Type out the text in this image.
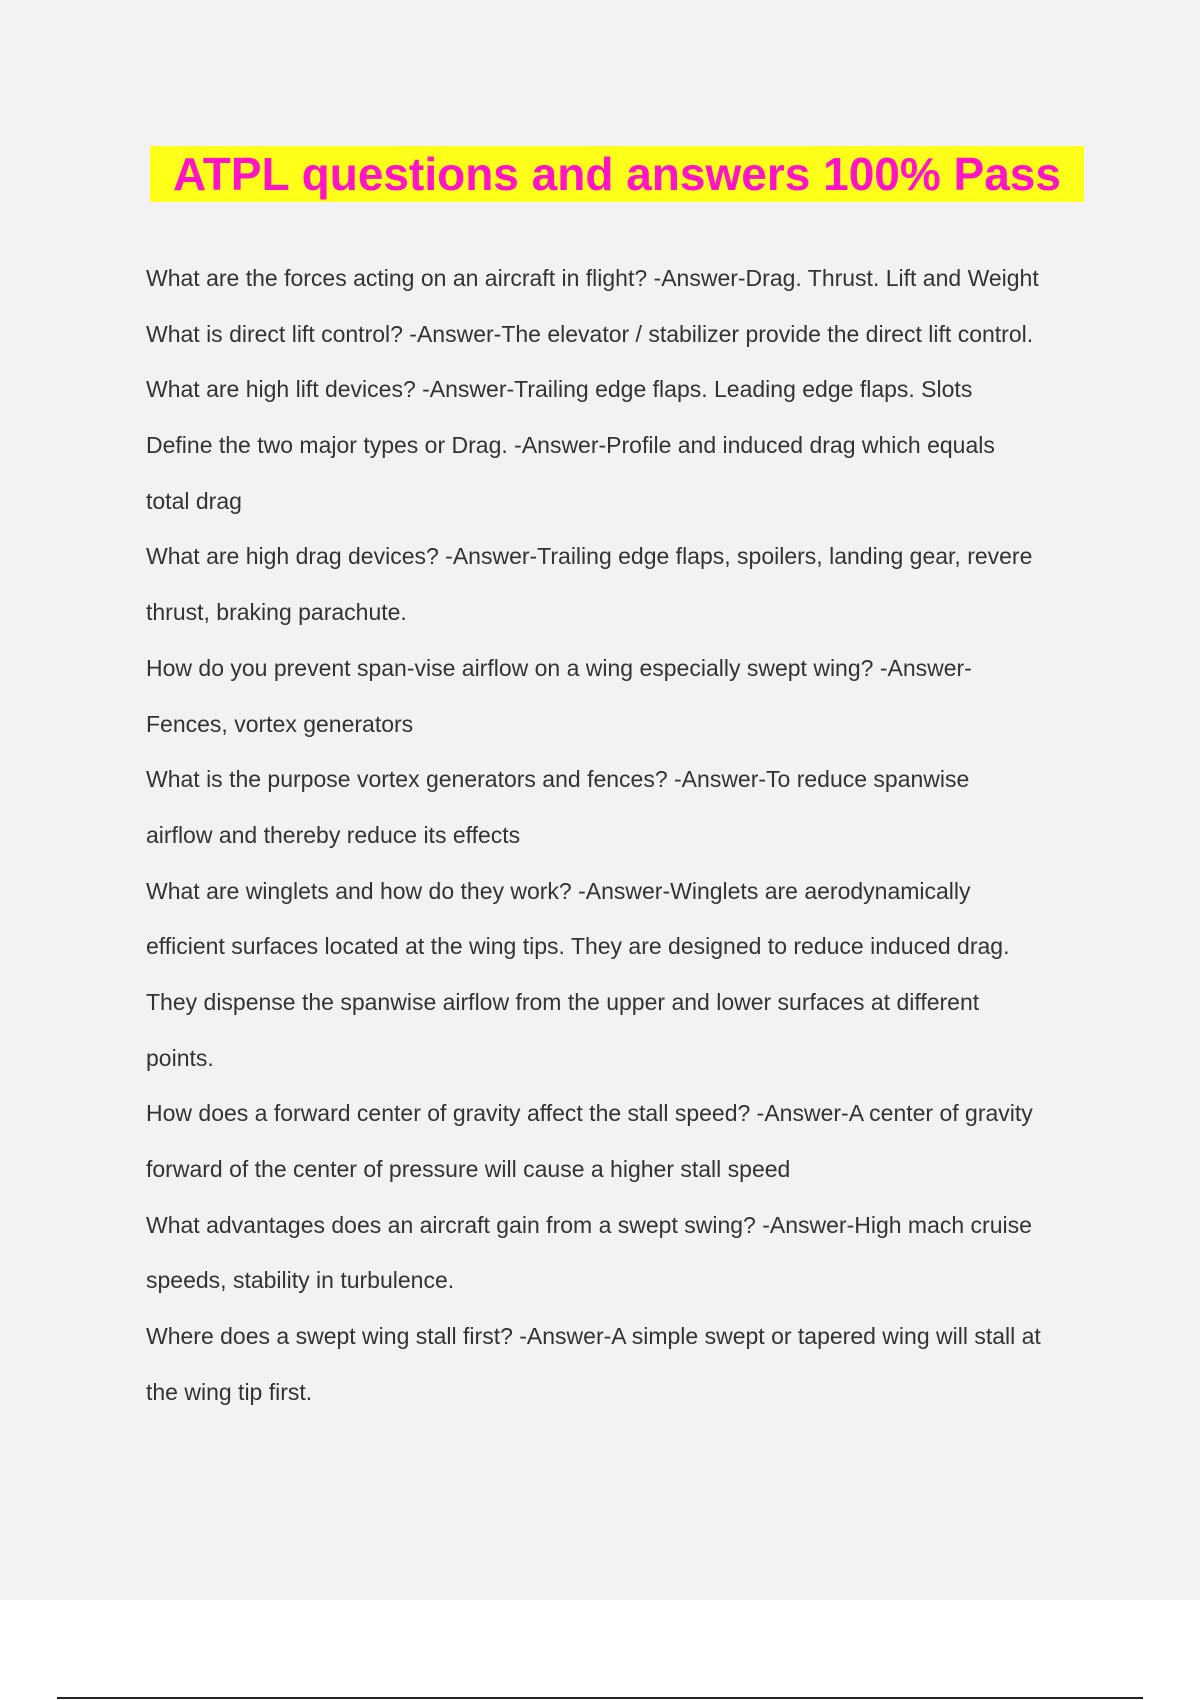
ATPL questions and answers 100% Pass
What are the forces acting on an aircraft in flight? -Answer-Drag. Thrust. Lift and Weight
What is direct lift control? -Answer-The elevator / stabilizer provide the direct lift control.
What are high lift devices? -Answer-Trailing edge flaps. Leading edge flaps. Slots
Define the two major types or Drag. -Answer-Profile and induced drag which equals
total drag
What are high drag devices? -Answer-Trailing edge flaps, spoilers, landing gear, revere
thrust, braking parachute.
How do you prevent span-vise airflow on a wing especially swept wing? -Answer-
Fences, vortex generators
What is the purpose vortex generators and fences? -Answer-To reduce spanwise
airflow and thereby reduce its effects
What are winglets and how do they work? -Answer-Winglets are aerodynamically
efficient surfaces located at the wing tips. They are designed to reduce induced drag.
They dispense the spanwise airflow from the upper and lower surfaces at different
points.
How does a forward center of gravity affect the stall speed? -Answer-A center of gravity
forward of the center of pressure will cause a higher stall speed
What advantages does an aircraft gain from a swept swing? -Answer-High mach cruise
speeds, stability in turbulence.
Where does a swept wing stall first? -Answer-A simple swept or tapered wing will stall at
the wing tip first.
